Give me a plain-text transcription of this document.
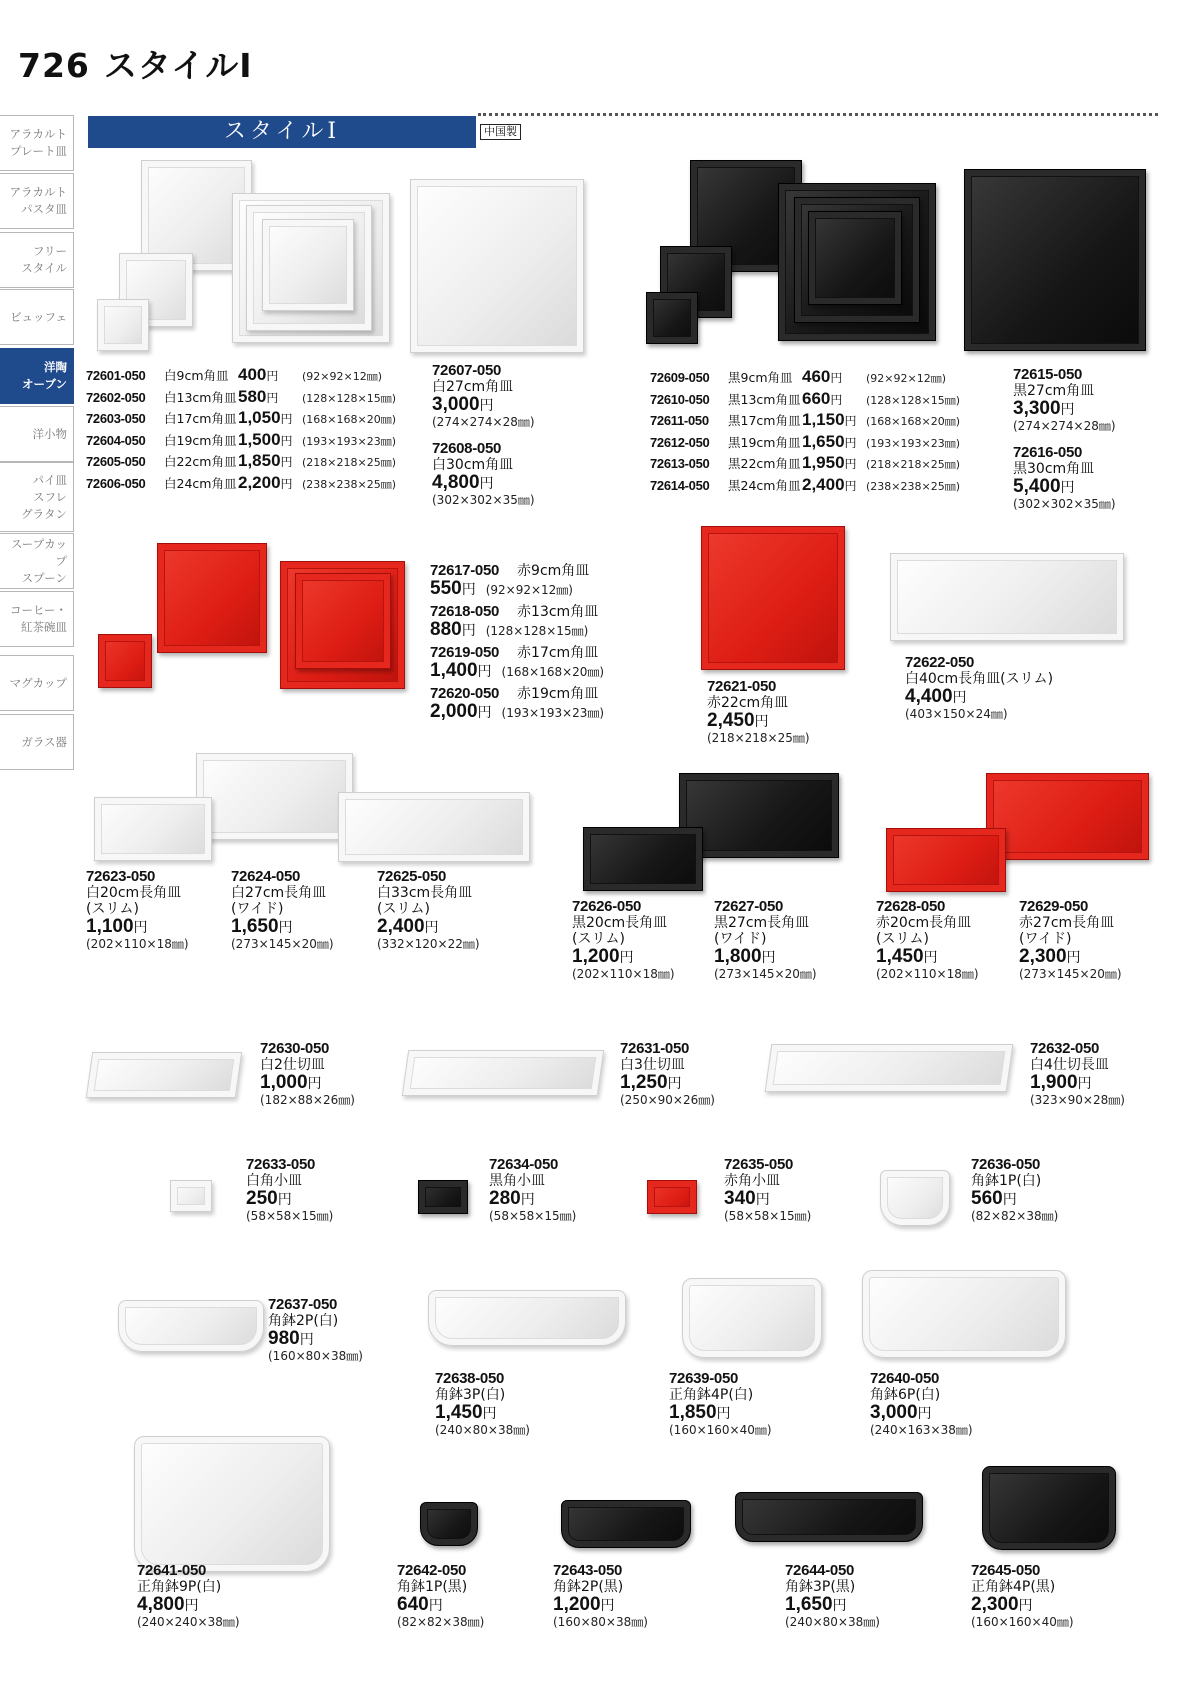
726 スタイルⅠ
アラカルト
プレート皿
アラカルト
パスタ皿
フリー
スタイル
ビュッフェ
洋陶
オーブン
洋小物
パイ皿
スフレ
グラタン
スープカップ
スプーン
コーヒー・
紅茶碗皿
マグカップ
ガラス器
スタイルⅠ	中国製
72601-050	白9cm角皿 400円	(92×92×12㎜)
72602-050	白13cm角皿 580円	(128×128×15㎜)
72603-050	白17cm角皿 1,050円 (168×168×20㎜)
72604-050	白19cm角皿 1,500円 (193×193×23㎜)
72605-050	白22cm角皿 1,850円 (218×218×25㎜)
72606-050	白24cm角皿 2,200円 (238×238×25㎜)
72609-050	黒9cm角皿 460円	(92×92×12㎜)
72610-050	黒13cm角皿 660円	(128×128×15㎜)
72611-050	黒17cm角皿 1,150円 (168×168×20㎜)
72612-050	黒19cm角皿 1,650円 (193×193×23㎜)
72613-050	黒22cm角皿 1,950円 (218×218×25㎜)
72614-050	黒24cm角皿 2,400円 (238×238×25㎜)
72617-050 赤9cm角皿
550円 (92×92×12㎜)
72618-050 赤13cm角皿
880円 (128×128×15㎜)
72619-050 赤17cm角皿
1,400円 (168×168×20㎜)
72620-050 赤19cm角皿
2,000円 (193×193×23㎜)
72607-050
白27cm角皿
3,000円
(274×274×28㎜)
72608-050
白30cm角皿
4,800円
(302×302×35㎜)
72615-050
黒27cm角皿
3,300円
(274×274×28㎜)
72616-050
黒30cm角皿
5,400円
(302×302×35㎜)
72621-050
赤22cm角皿
2,450円
(218×218×25㎜)
72622-050
白40cm長角皿(スリム)
4,400円
(403×150×24㎜)
72623-050
白20cm長角皿
(スリム)
1,100円
(202×110×18㎜)
72624-050
白27cm長角皿
(ワイド)
1,650円
(273×145×20㎜)
72625-050
白33cm長角皿
(スリム)
2,400円
(332×120×22㎜)
72626-050
黒20cm長角皿
(スリム)
1,200円
(202×110×18㎜)
72627-050
黒27cm長角皿
(ワイド)
1,800円
(273×145×20㎜)
72628-050
赤20cm長角皿
(スリム)
1,450円
(202×110×18㎜)
72629-050
赤27cm長角皿
(ワイド)
2,300円
(273×145×20㎜)
72630-050
白2仕切皿
1,000円
(182×88×26㎜)
72631-050
白3仕切皿
1,250円
(250×90×26㎜)
72632-050
白4仕切長皿
1,900円
(323×90×28㎜)
72633-050
白角小皿
250円
(58×58×15㎜)
72634-050
黒角小皿
280円
(58×58×15㎜)
72635-050
赤角小皿
340円
(58×58×15㎜)
72636-050
角鉢1P(白)
560円
(82×82×38㎜)
72637-050
角鉢2P(白)
980円
(160×80×38㎜)
72638-050
角鉢3P(白)
1,450円
(240×80×38㎜)
72639-050
正角鉢4P(白)
1,850円
(160×160×40㎜)
72640-050
角鉢6P(白)
3,000円
(240×163×38㎜)
72641-050
正角鉢9P(白)
4,800円
(240×240×38㎜)
72642-050
角鉢1P(黒)
640円
(82×82×38㎜)
72643-050
角鉢2P(黒)
1,200円
(160×80×38㎜)
72644-050
角鉢3P(黒)
1,650円
(240×80×38㎜)
72645-050
正角鉢4P(黒)
2,300円
(160×160×40㎜)
